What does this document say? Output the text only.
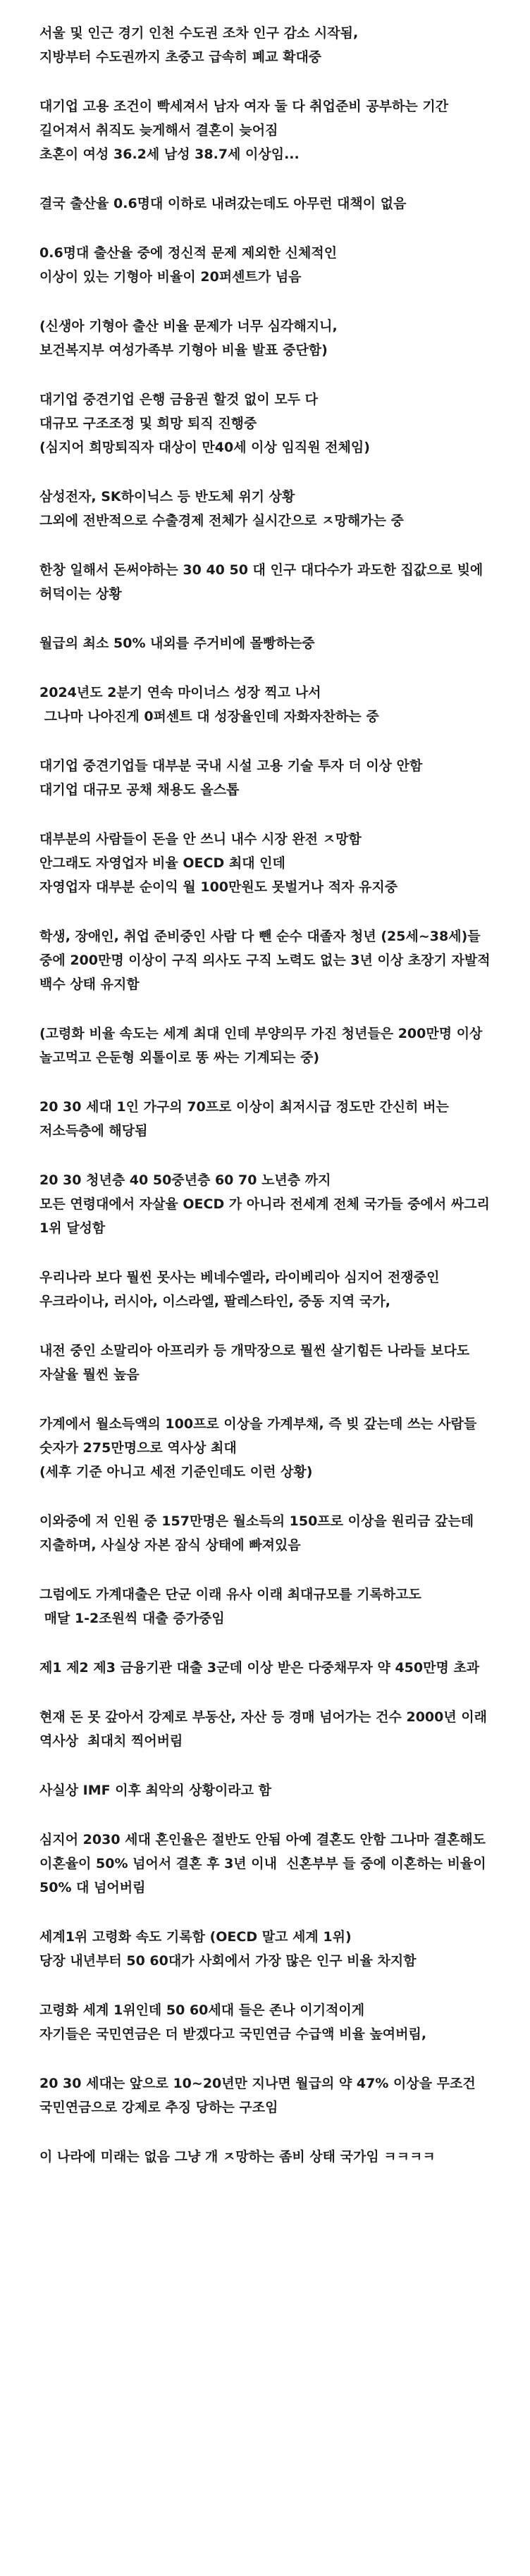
서울 및 인근 경기 인천 수도권 조차 인구 감소 시작됨,
지방부터 수도권까지 초중고 급속히 폐교 확대중
대기업 고용 조건이 빡세져서 남자 여자 둘 다 취업준비 공부하는 기간 길어져서 취직도 늦게해서 결혼이 늦어짐
초혼이 여성 36.2세 남성 38.7세 이상임...
결국 출산율 0.6명대 이하로 내려갔는데도 아무런 대책이 없음
0.6명대 출산율 중에 정신적 문제 제외한 신체적인
이상이 있는 기형아 비율이 20퍼센트가 넘음
(신생아 기형아 출산 비율 문제가 너무 심각해지니,
보건복지부 여성가족부 기형아 비율 발표 중단함)
대기업 중견기업 은행 금융권 할것 없이 모두 다
대규모 구조조정 및 희망 퇴직 진행중
(심지어 희망퇴직자 대상이 만40세 이상 임직원 전체임)
삼성전자, SK하이닉스 등 반도체 위기 상황
그외에 전반적으로 수출경제 전체가 실시간으로 ㅈ망해가는 중
한창 일해서 돈써야하는 30 40 50 대 인구 대다수가 과도한 집값으로 빚에 허덕이는 상황
월급의 최소 50% 내외를 주거비에 몰빵하는중
2024년도 2분기 연속 마이너스 성장 찍고 나서
그나마 나아진게 0퍼센트 대 성장율인데 자화자찬하는 중
대기업 중견기업들 대부분 국내 시설 고용 기술 투자 더 이상 안함
대기업 대규모 공채 채용도 올스톱
대부분의 사람들이 돈을 안 쓰니 내수 시장 완전 ㅈ망함
안그래도 자영업자 비율 OECD 최대 인데
자영업자 대부분 순이익 월 100만원도 못벌거나 적자 유지중
학생, 장애인, 취업 준비중인 사람 다 뺀 순수 대졸자 청년 (25세~38세)들 중에 200만명 이상이 구직 의사도 구직 노력도 없는 3년 이상 초장기 자발적 백수 상태 유지함
(고령화 비율 속도는 세계 최대 인데 부양의무 가진 청년들은 200만명 이상 놀고먹고 은둔형 외톨이로 똥 싸는 기계되는 중)
20 30 세대 1인 가구의 70프로 이상이 최저시급 정도만 간신히 버는 저소득층에 해당됨
20 30 청년층 40 50중년층 60 70 노년층 까지
모든 연령대에서 자살율 OECD 가 아니라 전세계 전체 국가들 중에서 싸그리 1위 달성함
우리나라 보다 뭘씬 못사는 베네수엘라, 라이베리아 심지어 전쟁중인 우크라이나, 러시아, 이스라엘, 팔레스타인, 중동 지역 국가,
내전 중인 소말리아 아프리카 등 개막장으로 뭘씬 살기힘든 나라들 보다도 자살율 뭘씬 높음
가계에서 월소득액의 100프로 이상을 가계부채, 즉 빚 갚는데 쓰는 사람들 숫자가 275만명으로 역사상 최대
(세후 기준 아니고 세전 기준인데도 이런 상황)
이와중에 저 인원 중 157만명은 월소득의 150프로 이상을 원리금 갚는데 지출하며, 사실상 자본 잠식 상태에 빠져있음
그럼에도 가계대출은 단군 이래 유사 이래 최대규모를 기록하고도
매달 1-2조원씩 대출 증가중임
제1 제2 제3 금융기관 대출 3군데 이상 받은 다중채무자 약 450만명 초과
현재 돈 못 갚아서 강제로 부동산, 자산 등 경매 넘어가는 건수 2000년 이래 역사상  최대치 찍어버림
사실상 IMF 이후 최악의 상황이라고 함
심지어 2030 세대 혼인율은 절반도 안됨 아예 결혼도 안함 그나마 결혼해도 이혼율이 50% 넘어서 결혼 후 3년 이내  신혼부부 들 중에 이혼하는 비율이 50% 대 넘어버림
세계1위 고령화 속도 기록함 (OECD 말고 세계 1위)
당장 내년부터 50 60대가 사회에서 가장 많은 인구 비율 차지함
고령화 세계 1위인데 50 60세대 들은 존나 이기적이게
자기들은 국민연금은 더 받겠다고 국민연금 수급액 비율 높여버림,
20 30 세대는 앞으로 10~20년만 지나면 월급의 약 47% 이상을 무조건 국민연금으로 강제로 추징 당하는 구조임
이 나라에 미래는 없음 그냥 개 ㅈ망하는 좀비 상태 국가임 ㅋㅋㅋㅋ
